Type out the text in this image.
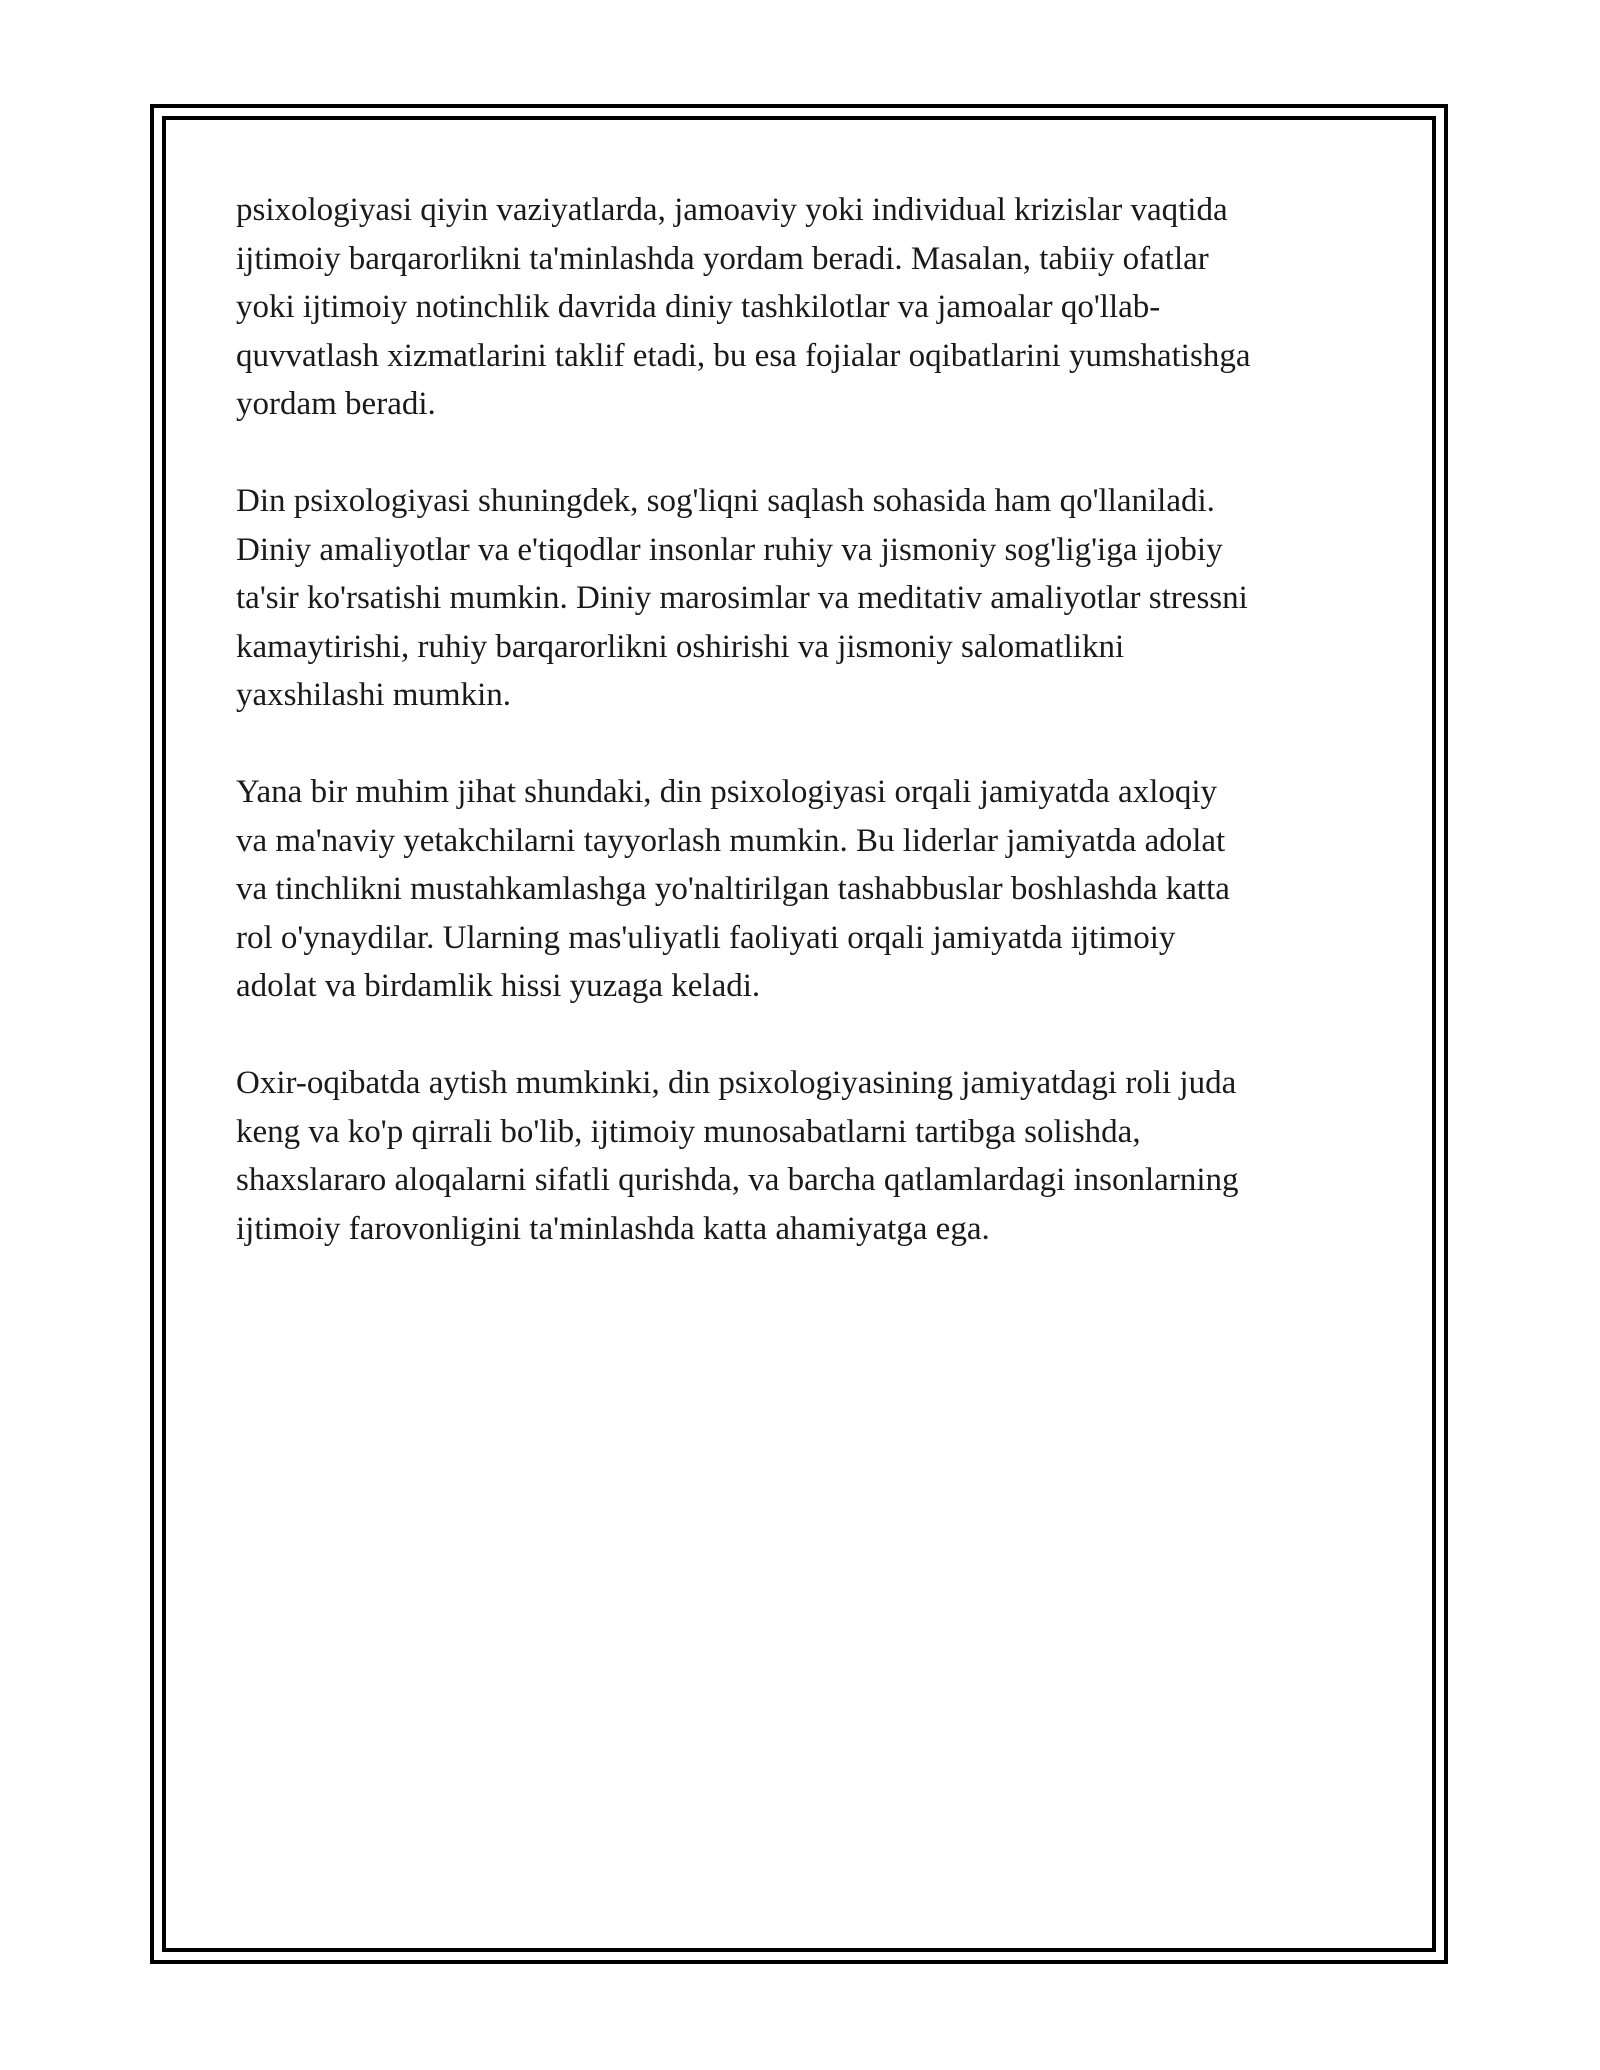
psixologiyasi qiyin vaziyatlarda, jamoaviy yoki individual krizislar vaqtida
ijtimoiy barqarorlikni ta'minlashda yordam beradi. Masalan, tabiiy ofatlar
yoki ijtimoiy notinchlik davrida diniy tashkilotlar va jamoalar qo'llab-
quvvatlash xizmatlarini taklif etadi, bu esa fojialar oqibatlarini yumshatishga
yordam beradi.

Din psixologiyasi shuningdek, sog'liqni saqlash sohasida ham qo'llaniladi.
Diniy amaliyotlar va e'tiqodlar insonlar ruhiy va jismoniy sog'lig'iga ijobiy
ta'sir ko'rsatishi mumkin. Diniy marosimlar va meditativ amaliyotlar stressni
kamaytirishi, ruhiy barqarorlikni oshirishi va jismoniy salomatlikni
yaxshilashi mumkin.

Yana bir muhim jihat shundaki, din psixologiyasi orqali jamiyatda axloqiy
va ma'naviy yetakchilarni tayyorlash mumkin. Bu liderlar jamiyatda adolat
va tinchlikni mustahkamlashga yo'naltirilgan tashabbuslar boshlashda katta
rol o'ynaydilar. Ularning mas'uliyatli faoliyati orqali jamiyatda ijtimoiy
adolat va birdamlik hissi yuzaga keladi.

Oxir-oqibatda aytish mumkinki, din psixologiyasining jamiyatdagi roli juda
keng va ko'p qirrali bo'lib, ijtimoiy munosabatlarni tartibga solishda,
shaxslararo aloqalarni sifatli qurishda, va barcha qatlamlardagi insonlarning
ijtimoiy farovonligini ta'minlashda katta ahamiyatga ega.
